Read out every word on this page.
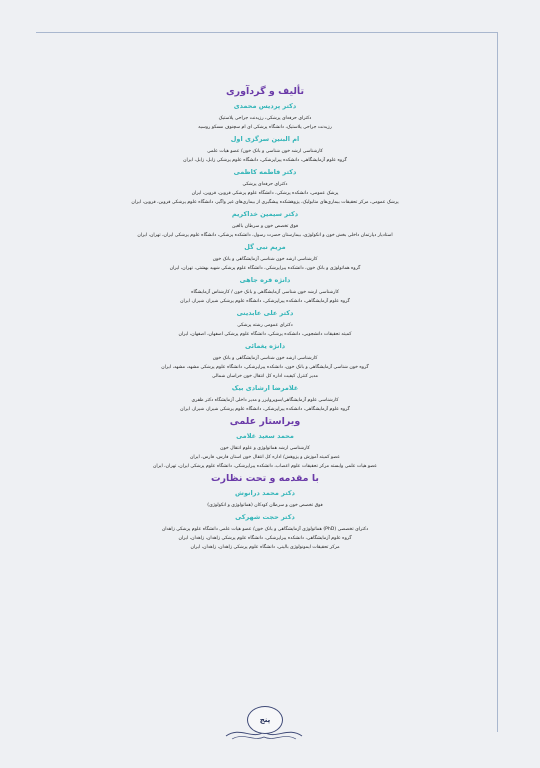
تألیف و گردآوری
دکتر پردیس محمدی
دکترای حرفه‌ای پزشکی، رزیدنت جراحی پلاستیک
رزیدنت جراحی پلاستیک، دانشگاه پزشکی ای ام سچنوف مسکو روسیه
ام البنین سرگزی اول
کارشناسی ارشد خون شناسی و بانک خون/ عضو هیات علمی
گروه علوم آزمایشگاهی، دانشکده پیراپزشکی، دانشگاه علوم پزشکی زابل، زابل، ایران
دکتر فاطمه کاظمی
دکترای حرفه‌ای پزشکی
پزشک عمومی، دانشکده پزشکی، دانشگاه علوم پزشکی قزوین، قزوین، ایران
پزشک عمومی، مرکز تحقیقات بیماری‌های متابولیک، پژوهشکده پیشگیری از بیماری‌های غیر واگیر، دانشگاه علوم پزشکی قزوین، قزوین، ایران
دکتر سیمین خداکریم
فوق تخصص خون و سرطان بالغین
استادیار دپارتمان داخلی بخش خون و انکولوژی، بیمارستان حضرت رسول، دانشکده پزشکی، دانشگاه علوم پزشکی ایران، تهران، ایران
مریم نبی گل
کارشناسی ارشد خون شناسی آزمایشگاهی و بانک خون
گروه هماتولوژی و بانک خون، دانشکده پیراپزشکی، دانشگاه علوم پزشکی شهید بهشتی، تهران، ایران
دانژه فره جاهی
کارشناسی ارشد خون شناسی آزمایشگاهی و بانک خون / کارشناس آزمایشگاه
گروه علوم آزمایشگاهی، دانشکده پیراپزشکی، دانشگاه علوم پزشکی شیراز، شیراز، ایران
دکتر علی عابدینی
دکترای عمومی رشته پزشکی
کمیته تحقیقات دانشجویی، دانشکده پزشکی، دانشگاه علوم پزشکی اصفهان، اصفهان، ایران
دانژه یغمائی
کارشناسی ارشد خون شناسی آزمایشگاهی و بانک خون
گروه خون شناسی آزمایشگاهی و بانک خون، دانشکده پیراپزشکی، دانشگاه علوم پزشکی مشهد، مشهد، ایران
مدیر کنترل کیفیت اداره کل انتقال خون خراسان شمالی
غلامرضا ارشادی بیک
کارشناسی علوم آزمایشگاهی/سوپروایزر و مدیر داخلی آزمایشگاه دکتر ظفری
گروه علوم آزمایشگاهی، دانشکده پیراپزشکی، دانشگاه علوم پزشکی شیراز، شیراز، ایران
ویراستار علمی
محمد سعید غلامی
کارشناسی ارشد هماتولوژی و علوم انتقال خون
عضو کمیته آموزش و پژوهش/ اداره کل انتقال خون استان فارس، فارس، ایران
عضو هیات علمی وابسته مرکز تحقیقات علوم اعصاب، دانشکده پیراپزشکی، دانشگاه علوم پزشکی ایران، تهران، ایران
با مقدمه و تحت نظارت
دکتر محمد درانوش
فوق تخصص خون و سرطان کودکان (هماتولوژی و انکولوژی)
دکتر حجت شهرکی
دکترای تخصصی (PhD) هماتولوژی آزمایشگاهی و بانک خون/ عضو هیات علمی دانشگاه علوم پزشکی زاهدان
گروه علوم آزمایشگاهی، دانشکده پیراپزشکی، دانشگاه علوم پزشکی زاهدان، زاهدان، ایران
مرکز تحقیقات ایمونولوژی بالینی، دانشگاه علوم پزشکی زاهدان، زاهدان، ایران
پنج
